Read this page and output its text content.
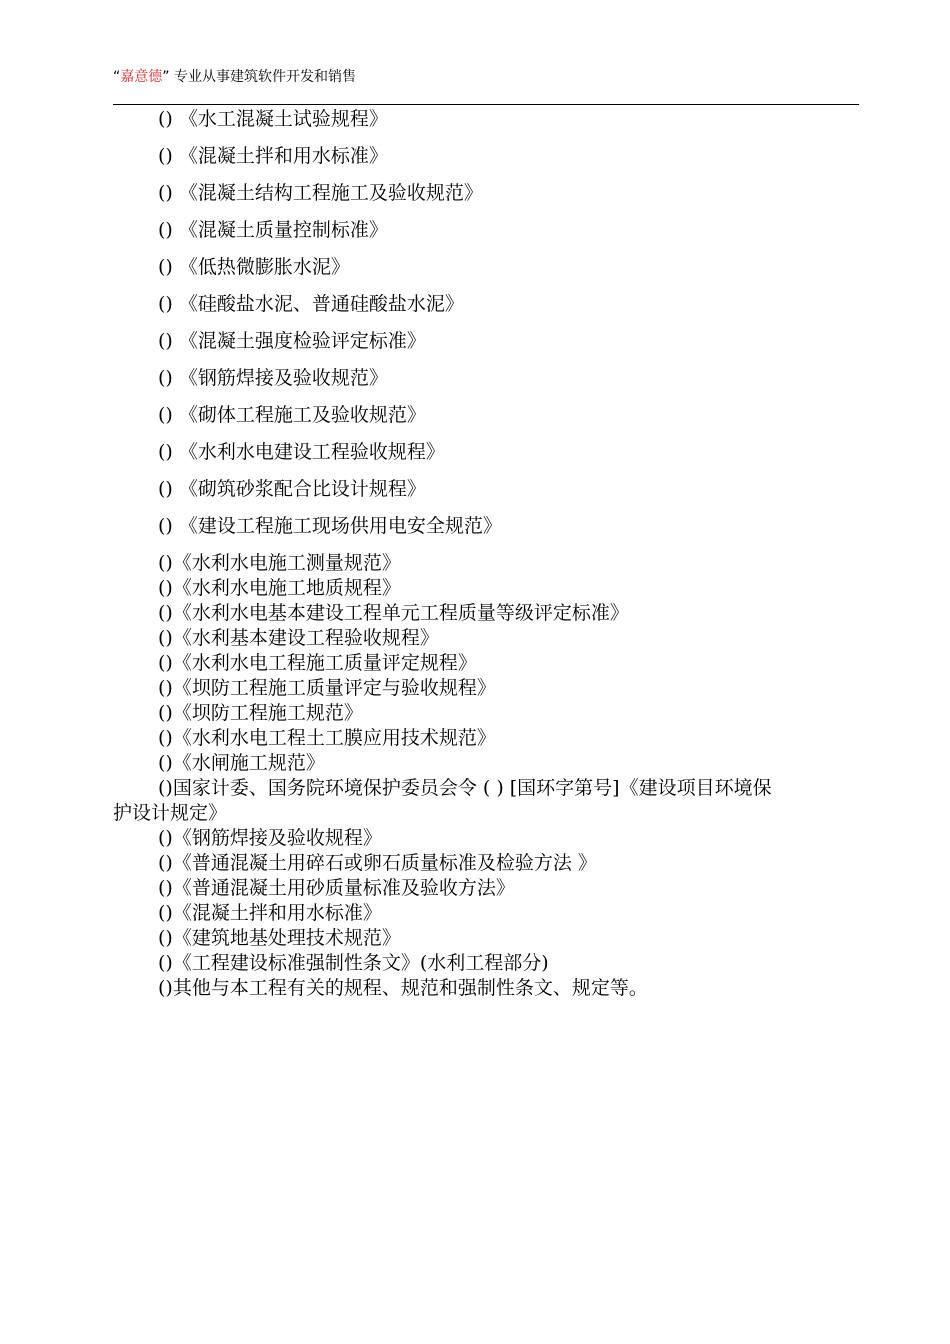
“嘉意德” 专业从事建筑软件开发和销售
() 《水工混凝土试验规程》
() 《混凝土拌和用水标准》
() 《混凝土结构工程施工及验收规范》
() 《混凝土质量控制标准》
() 《低热微膨胀水泥》
() 《硅酸盐水泥、普通硅酸盐水泥》
() 《混凝土强度检验评定标准》
() 《钢筋焊接及验收规范》
() 《砌体工程施工及验收规范》
() 《水利水电建设工程验收规程》
() 《砌筑砂浆配合比设计规程》
() 《建设工程施工现场供用电安全规范》
()《水利水电施工测量规范》
()《水利水电施工地质规程》
()《水利水电基本建设工程单元工程质量等级评定标准》
()《水利基本建设工程验收规程》
()《水利水电工程施工质量评定规程》
()《坝防工程施工质量评定与验收规程》
()《坝防工程施工规范》
()《水利水电工程土工膜应用技术规范》
()《水闸施工规范》
()国家计委、国务院环境保护委员会令 ( ) [国环字第号]《建设项目环境保
护设计规定》
()《钢筋焊接及验收规程》
()《普通混凝土用碎石或卵石质量标准及检验方法 》
()《普通混凝土用砂质量标准及验收方法》
()《混凝土拌和用水标准》
()《建筑地基处理技术规范》
()《工程建设标准强制性条文》(水利工程部分)
()其他与本工程有关的规程、规范和强制性条文、规定等。
